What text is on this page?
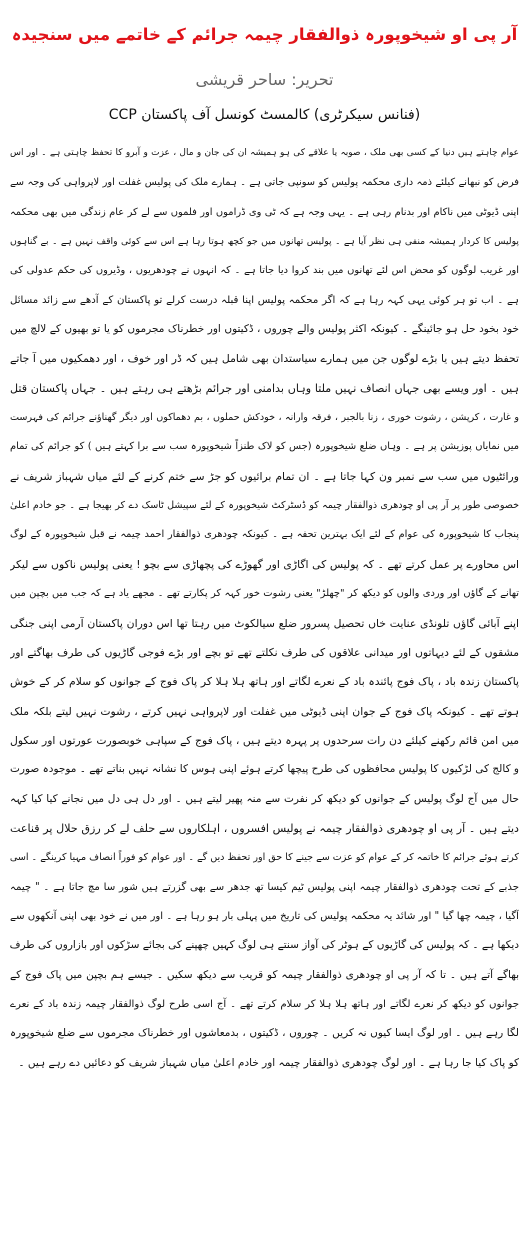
آر پی او شیخوپورہ ذوالفقار چیمہ جرائم کے خاتمے میں سنجیدہ
تحریر: ساحر قریشی
(فنانس سیکرٹری) کالمسٹ کونسل آف پاکستان CCP
عوام چاہتے ہیں دنیا کے کسی بھی ملک ، صوبہ یا علاقے کی ہو ہمیشہ ان کی جان و مال ، عزت و آبرو کا تحفظ چاہتی ہے ۔ اور اس
فرض کو نبھانے کیلئے ذمہ داری محکمہ پولیس کو سونپی جاتی ہے ۔ ہمارے ملک کی پولیس غفلت اور لاپرواہی کی وجہ سے
اپنی ڈیوٹی میں ناکام اور بدنام رہی ہے ۔ یہی وجہ ہے کہ ٹی وی ڈراموں اور فلموں سے لے کر عام زندگی میں بھی محکمہ
پولیس کا کردار ہمیشہ منفی ہی نظر آیا ہے ۔ پولیس تھانوں میں جو کچھ ہوتا رہا ہے اس سے کوئی واقف نہیں ہے ۔ بے گناہوں
اور غریب لوگوں کو محض اس لئے تھانوں میں بند کروا دیا جاتا ہے ۔ کہ انہوں نے چودھریوں ، وڈیروں کی حکم عدولی کی
ہے ۔ اب تو ہر کوئی یہی کہہ رہا ہے کہ اگر محکمہ پولیس اپنا قبلہ درست کرلے تو پاکستان کے آدھے سے زائد مسائل
خود بخود حل ہو جائینگے ۔ کیونکہ اکثر پولیس والے چوروں ، ڈکیتوں اور خطرناک مجرموں کو یا تو بھیوں کے لالچ میں
تحفظ دیتے ہیں یا بڑے لوگوں جن میں ہمارے سیاستدان بھی شامل ہیں کہ ڈر اور خوف ، اور دھمکیوں میں آ جاتے
ہیں ۔ اور ویسے بھی جہاں انصاف نہیں ملتا وہاں بدامنی اور جرائم بڑھتے ہی رہتے ہیں ۔ جہاں پاکستان قتل
و غارت ، کرپشن ، رشوت خوری ، زنا بالجبر ، فرقہ وارانہ ، خودکش حملوں ، بم دھماکوں اور دیگر گھناؤنے جرائم کی فہرست
میں نمایاں پوزیشن پر ہے ۔ وہاں ضلع شیخوپورہ (جس کو لاک طنزاً شیخوپورہ سب سے برا کہتے ہیں ) کو جرائم کی تمام
ورائٹیوں میں سب سے نمبر ون کہا جاتا ہے ۔ ان تمام برائیوں کو جڑ سے ختم کرنے کے لئے میاں شہباز شریف نے
خصوصی طور پر آر پی او چودھری ذوالفقار چیمہ کو ڈسٹرکٹ شیخوپورہ کے لئے سپیشل ٹاسک دے کر بھیجا ہے ۔ جو خادم اعلیٰ
پنجاب کا شیخوپورہ کی عوام کے لئے ایک بہترین تحفہ ہے ۔ کیونکہ چودھری ذوالفقار احمد چیمہ نے قبل شیخوپورہ کے لوگ
اس محاورے پر عمل کرتے تھے ۔ کہ پولیس کی اگاڑی اور گھوڑے کی پچھاڑی سے بچو ! یعنی پولیس ناکوں سے لیکر
تھانے کے گاؤں اور وردی والوں کو دیکھ کر "چھلڑ" یعنی رشوت خور کہہ کر پکارتے تھے ۔ مجھے یاد ہے کہ جب میں بچپن میں
اپنے آبائی گاؤں تلونڈی عنایت خاں تحصیل پسرور ضلع سیالکوٹ میں رہتا تھا اس دوران پاکستان آرمی اپنی جنگی
مشقوں کے لئے دیہاتوں اور میدانی علاقوں کی طرف نکلتے تھے تو بچے اور بڑے فوجی گاڑیوں کی طرف بھاگتے اور
پاکستان زندہ باد ، پاک فوج پائندہ باد کے نعرے لگاتے اور ہاتھ ہلا ہلا کر پاک فوج کے جوانوں کو سلام کر کے خوش
ہوتے تھے ۔ کیونکہ پاک فوج کے جوان اپنی ڈیوٹی میں غفلت اور لاپرواہی نہیں کرتے ، رشوت نہیں لیتے بلکہ ملک
میں امن قائم رکھنے کیلئے دن رات سرحدوں پر پہرہ دیتے ہیں ، پاک فوج کے سپاہی خوبصورت عورتوں اور سکول
و کالج کی لڑکیوں کا پولیس محافظوں کی طرح پیچھا کرتے ہوئے اپنی ہوس کا نشانہ نہیں بناتے تھے ۔ موجودہ صورت
حال میں آج لوگ پولیس کے جوانوں کو دیکھ کر نفرت سے منہ پھیر لیتے ہیں ۔ اور دل ہی دل میں نجانے کیا کیا کہہ
دیتے ہیں ۔ آر پی او چودھری ذوالفقار چیمہ نے پولیس افسروں ، اہلکاروں سے حلف لے کر رزق حلال پر قناعت
کرتے ہوئے جرائم کا خاتمہ کر کے عوام کو عزت سے جینے کا حق اور تحفظ دیں گے ۔ اور عوام کو فوراً انصاف مہیا کرینگے ۔ اسی
جذبے کے تحت چودھری ذوالفقار چیمہ اپنی پولیس ٹیم کیسا تھ جدھر سے بھی گزرتے ہیں شور سا مچ جاتا ہے ۔ " چیمہ
آگیا ، چیمہ چھا گیا " اور شائد یہ محکمہ پولیس کی تاریخ میں پہلی بار ہو رہا ہے ۔ اور میں نے خود بھی اپنی آنکھوں سے
دیکھا ہے ۔ کہ پولیس کی گاڑیوں کے ہوٹر کی آواز سنتے ہی لوگ کہیں چھپنے کی بجائے سڑکوں اور بازاروں کی طرف
بھاگے آتے ہیں ۔ تا کہ آر پی او چودھری ذوالفقار چیمہ کو قریب سے دیکھ سکیں ۔ جیسے ہم بچپن میں پاک فوج کے
جوانوں کو دیکھ کر نعرے لگاتے اور ہاتھ ہلا ہلا کر سلام کرتے تھے ۔ آج اسی طرح لوگ ذوالفقار چیمہ زندہ باد کے نعرے
لگا رہے ہیں ۔ اور لوگ ایسا کیوں نہ کریں ۔ چوروں ، ڈکیتوں ، بدمعاشوں اور خطرناک مجرموں سے ضلع شیخوپورہ
کو پاک کیا جا رہا ہے ۔ اور لوگ چودھری ذوالفقار چیمہ اور خادم اعلیٰ میاں شہباز شریف کو دعائیں دے رہے ہیں ۔
